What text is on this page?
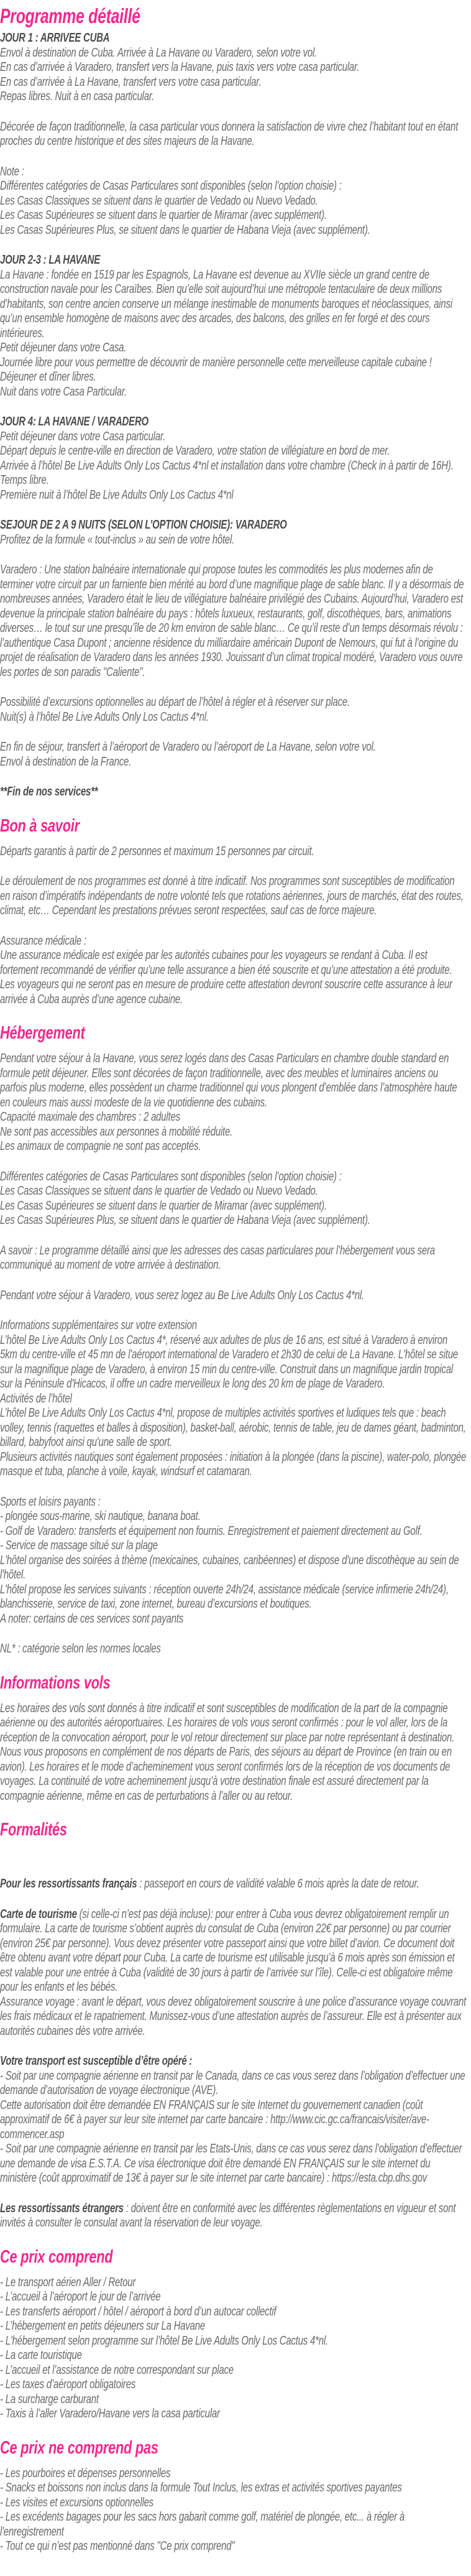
Programme détaillé

JOUR 1 : ARRIVEE CUBA
Envol à destination de Cuba. Arrivée à La Havane ou Varadero, selon votre vol.
En cas d’arrivée à Varadero, transfert vers la Havane, puis taxis vers votre casa particular.
En cas d’arrivée à La Havane, transfert vers votre casa particular.
Repas libres. Nuit à en casa particular.

Décorée de façon traditionnelle, la casa particular vous donnera la satisfaction de vivre chez l’habitant tout en étant proches du centre historique et des sites majeurs de la Havane.

Note :
Différentes catégories de Casas Particulares sont disponibles (selon l’option choisie) :
Les Casas Classiques se situent dans le quartier de Vedado ou Nuevo Vedado.
Les Casas Supérieures se situent dans le quartier de Miramar (avec supplément).
Les Casas Supérieures Plus, se situent dans le quartier de Habana Vieja (avec supplément).

JOUR 2-3 : LA HAVANE
La Havane : fondée en 1519 par les Espagnols, La Havane est devenue au XVIIe siècle un grand centre de construction navale pour les Caraïbes. Bien qu’elle soit aujourd’hui une métropole tentaculaire de deux millions d’habitants, son centre ancien conserve un mélange inestimable de monuments baroques et néoclassiques, ainsi qu’un ensemble homogène de maisons avec des arcades, des balcons, des grilles en fer forgé et des cours intérieures.
Petit déjeuner dans votre Casa.
Journée libre pour vous permettre de découvrir de manière personnelle cette merveilleuse capitale cubaine !
Déjeuner et dîner libres.
Nuit dans votre Casa Particular.

JOUR 4: LA HAVANE / VARADERO
Petit déjeuner dans votre Casa particular.
Départ depuis le centre-ville en direction de Varadero, votre station de villégiature en bord de mer.
Arrivée à l’hôtel Be Live Adults Only Los Cactus 4*nl et installation dans votre chambre (Check in à partir de 16H).
Temps libre.
Première nuit à l’hôtel Be Live Adults Only Los Cactus 4*nl

SEJOUR DE 2 A 9 NUITS (SELON L’OPTION CHOISIE): VARADERO
Profitez de la formule « tout-inclus » au sein de votre hôtel.

Varadero : Une station balnéaire internationale qui propose toutes les commodités les plus modernes afin de terminer votre circuit par un farniente bien mérité au bord d’une magnifique plage de sable blanc. Il y a désormais de nombreuses années, Varadero était le lieu de villégiature balnéaire privilégié des Cubains. Aujourd’hui, Varadero est devenue la principale station balnéaire du pays : hôtels luxueux, restaurants, golf, discothèques, bars, animations diverses… le tout sur une presqu’île de 20 km environ de sable blanc… Ce qu’il reste d’un temps désormais révolu : l’authentique Casa Dupont ; ancienne résidence du milliardaire américain Dupont de Nemours, qui fut à l’origine du projet de réalisation de Varadero dans les années 1930. Jouissant d’un climat tropical modéré, Varadero vous ouvre les portes de son paradis "Caliente".

Possibilité d’excursions optionnelles au départ de l’hôtel à régler et à réserver sur place.
Nuit(s) à l’hôtel Be Live Adults Only Los Cactus 4*nl.

En fin de séjour, transfert à l’aéroport de Varadero ou l’aéroport de La Havane, selon votre vol.
Envol à destination de la France.

**Fin de nos services**

Bon à savoir

Départs garantis à partir de 2 personnes et maximum 15 personnes par circuit.

Le déroulement de nos programmes est donné à titre indicatif. Nos programmes sont susceptibles de modification en raison d’impératifs indépendants de notre volonté tels que rotations aériennes, jours de marchés, état des routes, climat, etc… Cependant les prestations prévues seront respectées, sauf cas de force majeure.

Assurance médicale :
Une assurance médicale est exigée par les autorités cubaines pour les voyageurs se rendant à Cuba. Il est fortement recommandé de vérifier qu’une telle assurance a bien été souscrite et qu’une attestation a été produite. Les voyageurs qui ne seront pas en mesure de produire cette attestation devront souscrire cette assurance à leur arrivée à Cuba auprès d’une agence cubaine.

Hébergement

Pendant votre séjour à la Havane, vous serez logés dans des Casas Particulars en chambre double standard en formule petit déjeuner. Elles sont décorées de façon traditionnelle, avec des meubles et luminaires anciens ou parfois plus moderne, elles possèdent un charme traditionnel qui vous plongent d’emblée dans l’atmosphère haute en couleurs mais aussi modeste de la vie quotidienne des cubains.
Capacité maximale des chambres : 2 adultes
Ne sont pas accessibles aux personnes à mobilité réduite.
Les animaux de compagnie ne sont pas acceptés.

Différentes catégories de Casas Particulares sont disponibles (selon l’option choisie) :
Les Casas Classiques se situent dans le quartier de Vedado ou Nuevo Vedado.
Les Casas Supérieures se situent dans le quartier de Miramar (avec supplément).
Les Casas Supérieures Plus, se situent dans le quartier de Habana Vieja (avec supplément).

A savoir : Le programme détaillé ainsi que les adresses des casas particulares pour l’hébergement vous sera communiqué au moment de votre arrivée à destination.

Pendant votre séjour à Varadero, vous serez logez au Be Live Adults Only Los Cactus 4*nl.

Informations supplémentaires sur votre extension
L’hôtel Be Live Adults Only Los Cactus 4*, réservé aux adultes de plus de 16 ans, est situé à Varadero à environ 5km du centre-ville et 45 mn de l'aéroport international de Varadero et 2h30 de celui de La Havane. L'hôtel se situe sur la magnifique plage de Varadero, à environ 15 min du centre-ville. Construit dans un magnifique jardin tropical sur la Péninsule d'Hicacos, il offre un cadre merveilleux le long des 20 km de plage de Varadero.
Activités de l’hôtel
L’hôtel Be Live Adults Only Los Cactus 4*nl, propose de multiples activités sportives et ludiques tels que : beach volley, tennis (raquettes et balles à disposition), basket-ball, aérobic, tennis de table, jeu de dames géant, badminton, billard, babyfoot ainsi qu'une salle de sport.
Plusieurs activités nautiques sont également proposées : initiation à la plongée (dans la piscine), water-polo, plongée masque et tuba, planche à voile, kayak, windsurf et catamaran.

Sports et loisirs payants :
- plongée sous-marine, ski nautique, banana boat.
- Golf de Varadero: transferts et équipement non fournis. Enregistrement et paiement directement au Golf.
- Service de massage situé sur la plage
L'hôtel organise des soirées à thème (mexicaines, cubaines, caribéennes) et dispose d'une discothèque au sein de l'hôtel.
L'hôtel propose les services suivants : réception ouverte 24h/24, assistance médicale (service infirmerie 24h/24), blanchisserie, service de taxi, zone internet, bureau d’excursions et boutiques.
A noter: certains de ces services sont payants

NL* : catégorie selon les normes locales

Informations vols

Les horaires des vols sont donnés à titre indicatif et sont susceptibles de modification de la part de la compagnie aérienne ou des autorités aéroportuaires. Les horaires de vols vous seront confirmés : pour le vol aller, lors de la réception de la convocation aéroport, pour le vol retour directement sur place par notre représentant à destination. Nous vous proposons en complément de nos départs de Paris, des séjours au départ de Province (en train ou en avion). Les horaires et le mode d’acheminement vous seront confirmés lors de la réception de vos documents de voyages. La continuité de votre acheminement jusqu’à votre destination finale est assuré directement par la compagnie aérienne, même en cas de perturbations à l’aller ou au retour.

Formalités

Pour les ressortissants français : passeport en cours de validité valable 6 mois après la date de retour.

Carte de tourisme (si celle-ci n’est pas déjà incluse): pour entrer à Cuba vous devrez obligatoirement remplir un formulaire. La carte de tourisme s’obtient auprès du consulat de Cuba (environ 22€ par personne) ou par courrier (environ 25€ par personne). Vous devez présenter votre passeport ainsi que votre billet d’avion. Ce document doit être obtenu avant votre départ pour Cuba. La carte de tourisme est utilisable jusqu’à 6 mois après son émission et est valable pour une entrée à Cuba (validité de 30 jours à partir de l’arrivée sur l’île). Celle-ci est obligatoire même pour les enfants et les bébés.
Assurance voyage : avant le départ, vous devez obligatoirement souscrire à une police d’assurance voyage couvrant les frais médicaux et le rapatriement. Munissez-vous d’une attestation auprès de l’assureur. Elle est à présenter aux autorités cubaines dès votre arrivée.

Votre transport est susceptible d’être opéré :
- Soit par une compagnie aérienne en transit par le Canada, dans ce cas vous serez dans l’obligation d’effectuer une demande d’autorisation de voyage électronique (AVE).
Cette autorisation doit être demandée EN FRANÇAIS sur le site Internet du gouvernement canadien (coût approximatif de 6€ à payer sur leur site internet par carte bancaire : http://www.cic.gc.ca/francais/visiter/ave-commencer.asp
- Soit par une compagnie aérienne en transit par les Etats-Unis, dans ce cas vous serez dans l’obligation d’effectuer une demande de visa E.S.T.A. Ce visa électronique doit être demandé EN FRANÇAIS sur le site internet du ministère (coût approximatif de 13€ à payer sur le site internet par carte bancaire) : https://esta.cbp.dhs.gov

Les ressortissants étrangers : doivent être en conformité avec les différentes règlementations en vigueur et sont invités à consulter le consulat avant la réservation de leur voyage.

Ce prix comprend

- Le transport aérien Aller / Retour
- L’accueil à l’aéroport le jour de l’arrivée
- Les transferts aéroport / hôtel / aéroport à bord d’un autocar collectif
- L’hébergement en petits déjeuners sur La Havane
- L'hébergement selon programme sur l’hôtel Be Live Adults Only Los Cactus 4*nl.
- La carte touristique
- L’accueil et l’assistance de notre correspondant sur place
- Les taxes d’aéroport obligatoires
- La surcharge carburant
- Taxis à l’aller Varadero/Havane vers la casa particular

Ce prix ne comprend pas

- Les pourboires et dépenses personnelles
- Snacks et boissons non inclus dans la formule Tout Inclus, les extras et activités sportives payantes
- Les visites et excursions optionnelles
- Les excédents bagages pour les sacs hors gabarit comme golf, matériel de plongée, etc... à régler à l'enregistrement
- Tout ce qui n’est pas mentionné dans "Ce prix comprend"
